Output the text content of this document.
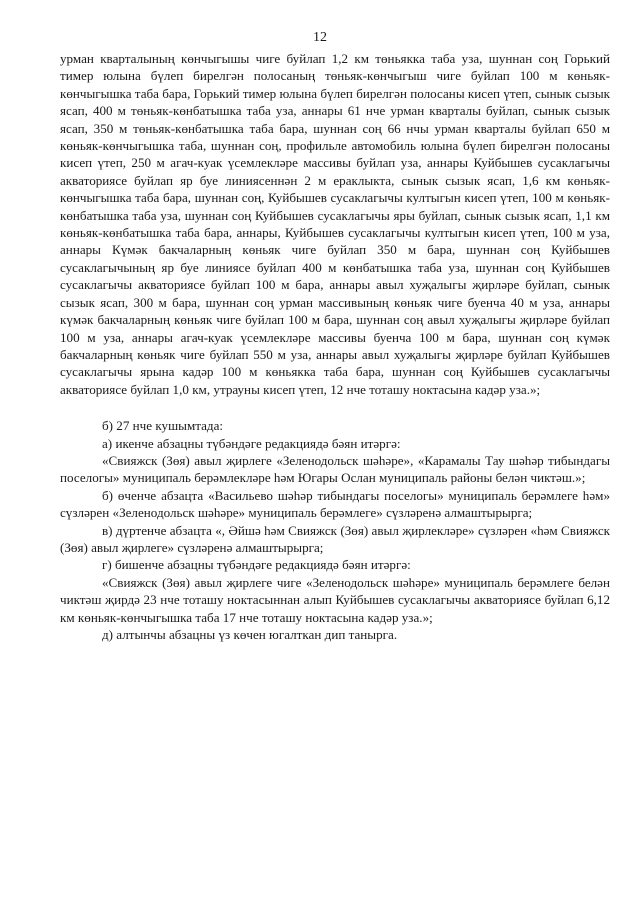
12

урман кварталының көнчыгышы чиге буйлап 1,2 км төньякка таба уза, шуннан соң Горький тимер юлына бүлеп бирелгән полосаның төньяк-көнчыгыш чиге буйлап 100 м көньяк-көнчыгышка таба бара, Горький тимер юлына бүлеп бирелгән полосаны кисеп үтеп, сынык сызык ясап, 400 м төньяк-көнбатышка таба уза, аннары 61 нче урман кварталы буйлап, сынык сызык ясап, 350 м төньяк-көнбатышка таба бара, шуннан соң 66 нчы урман кварталы буйлап 650 м көньяк-көнчыгышка таба, шуннан соң, профильле автомобиль юлына бүлеп бирелгән полосаны кисеп үтеп, 250 м агач-куак үсемлекләре массивы буйлап уза, аннары Куйбышев сусаклагычы акваториясе буйлап яр буе линиясеннән 2 м ераклыкта, сынык сызык ясап, 1,6 км көньяк-көнчыгышка таба бара, шуннан соң, Куйбышев сусаклагычы култыгын кисеп үтеп, 100 м көньяк-көнбатышка таба уза, шуннан соң Куйбышев сусаклагычы яры буйлап, сынык сызык ясап, 1,1 км көньяк-көнбатышка таба бара, аннары, Куйбышев сусаклагычы култыгын кисеп үтеп, 100 м уза, аннары Күмәк бакчаларның көньяк чиге буйлап 350 м бара, шуннан соң Куйбышев сусаклагычының яр буе линиясе буйлап 400 м көнбатышка таба уза, шуннан соң Куйбышев сусаклагычы акваториясе буйлап 100 м бара, аннары авыл хуҗалыгы җирләре буйлап, сынык сызык ясап, 300 м бара, шуннан соң урман массивының көньяк чиге буенча 40 м уза, аннары күмәк бакчаларның көньяк чиге буйлап 100 м бара, шуннан соң авыл хуҗалыгы җирләре буйлап 100 м уза, аннары агач-куак үсемлекләре массивы буенча 100 м бара, шуннан соң күмәк бакчаларның көньяк чиге буйлап 550 м уза, аннары авыл хуҗалыгы җирләре буйлап Куйбышев сусаклагычы ярына кадәр 100 м көньякка таба бара, шуннан соң Куйбышев сусаклагычы акваториясе буйлап 1,0 км, утрауны кисеп үтеп, 12 нче тоташу ноктасына кадәр уза.»;

б) 27 нче кушымтада:

а) икенче абзацны түбәндәге редакциядә бәян итәргә:

«Свияжск (Зөя) авыл җирлеге «Зеленодольск шәһәре», «Карамалы Тау шәһәр тибындагы поселогы» муниципаль берәмлекләре һәм Югары Ослан муниципаль районы белән чиктәш.»;

б) өченче абзацта «Васильево шәһәр тибындагы поселогы» муниципаль берәмлеге һәм» сүзләрен «Зеленодольск шәһәре» муниципаль берәмлеге» сүзләренә алмаштырырга;

в) дүртенче абзацта «, Әйшә һәм Свияжск (Зөя) авыл җирлекләре» сүзләрен «һәм Свияжск (Зөя) авыл җирлеге» сүзләренә алмаштырырга;

г) бишенче абзацны түбәндәге редакциядә бәян итәргә:

«Свияжск (Зөя) авыл җирлеге чиге «Зеленодольск шәһәре» муниципаль берәмлеге белән чиктәш җирдә 23 нче тоташу ноктасыннан алып Куйбышев сусаклагычы акваториясе буйлап 6,12 км көньяк-көнчыгышка таба 17 нче тоташу ноктасына кадәр уза.»;

д) алтынчы абзацны үз көчен югалткан дип танырга.
